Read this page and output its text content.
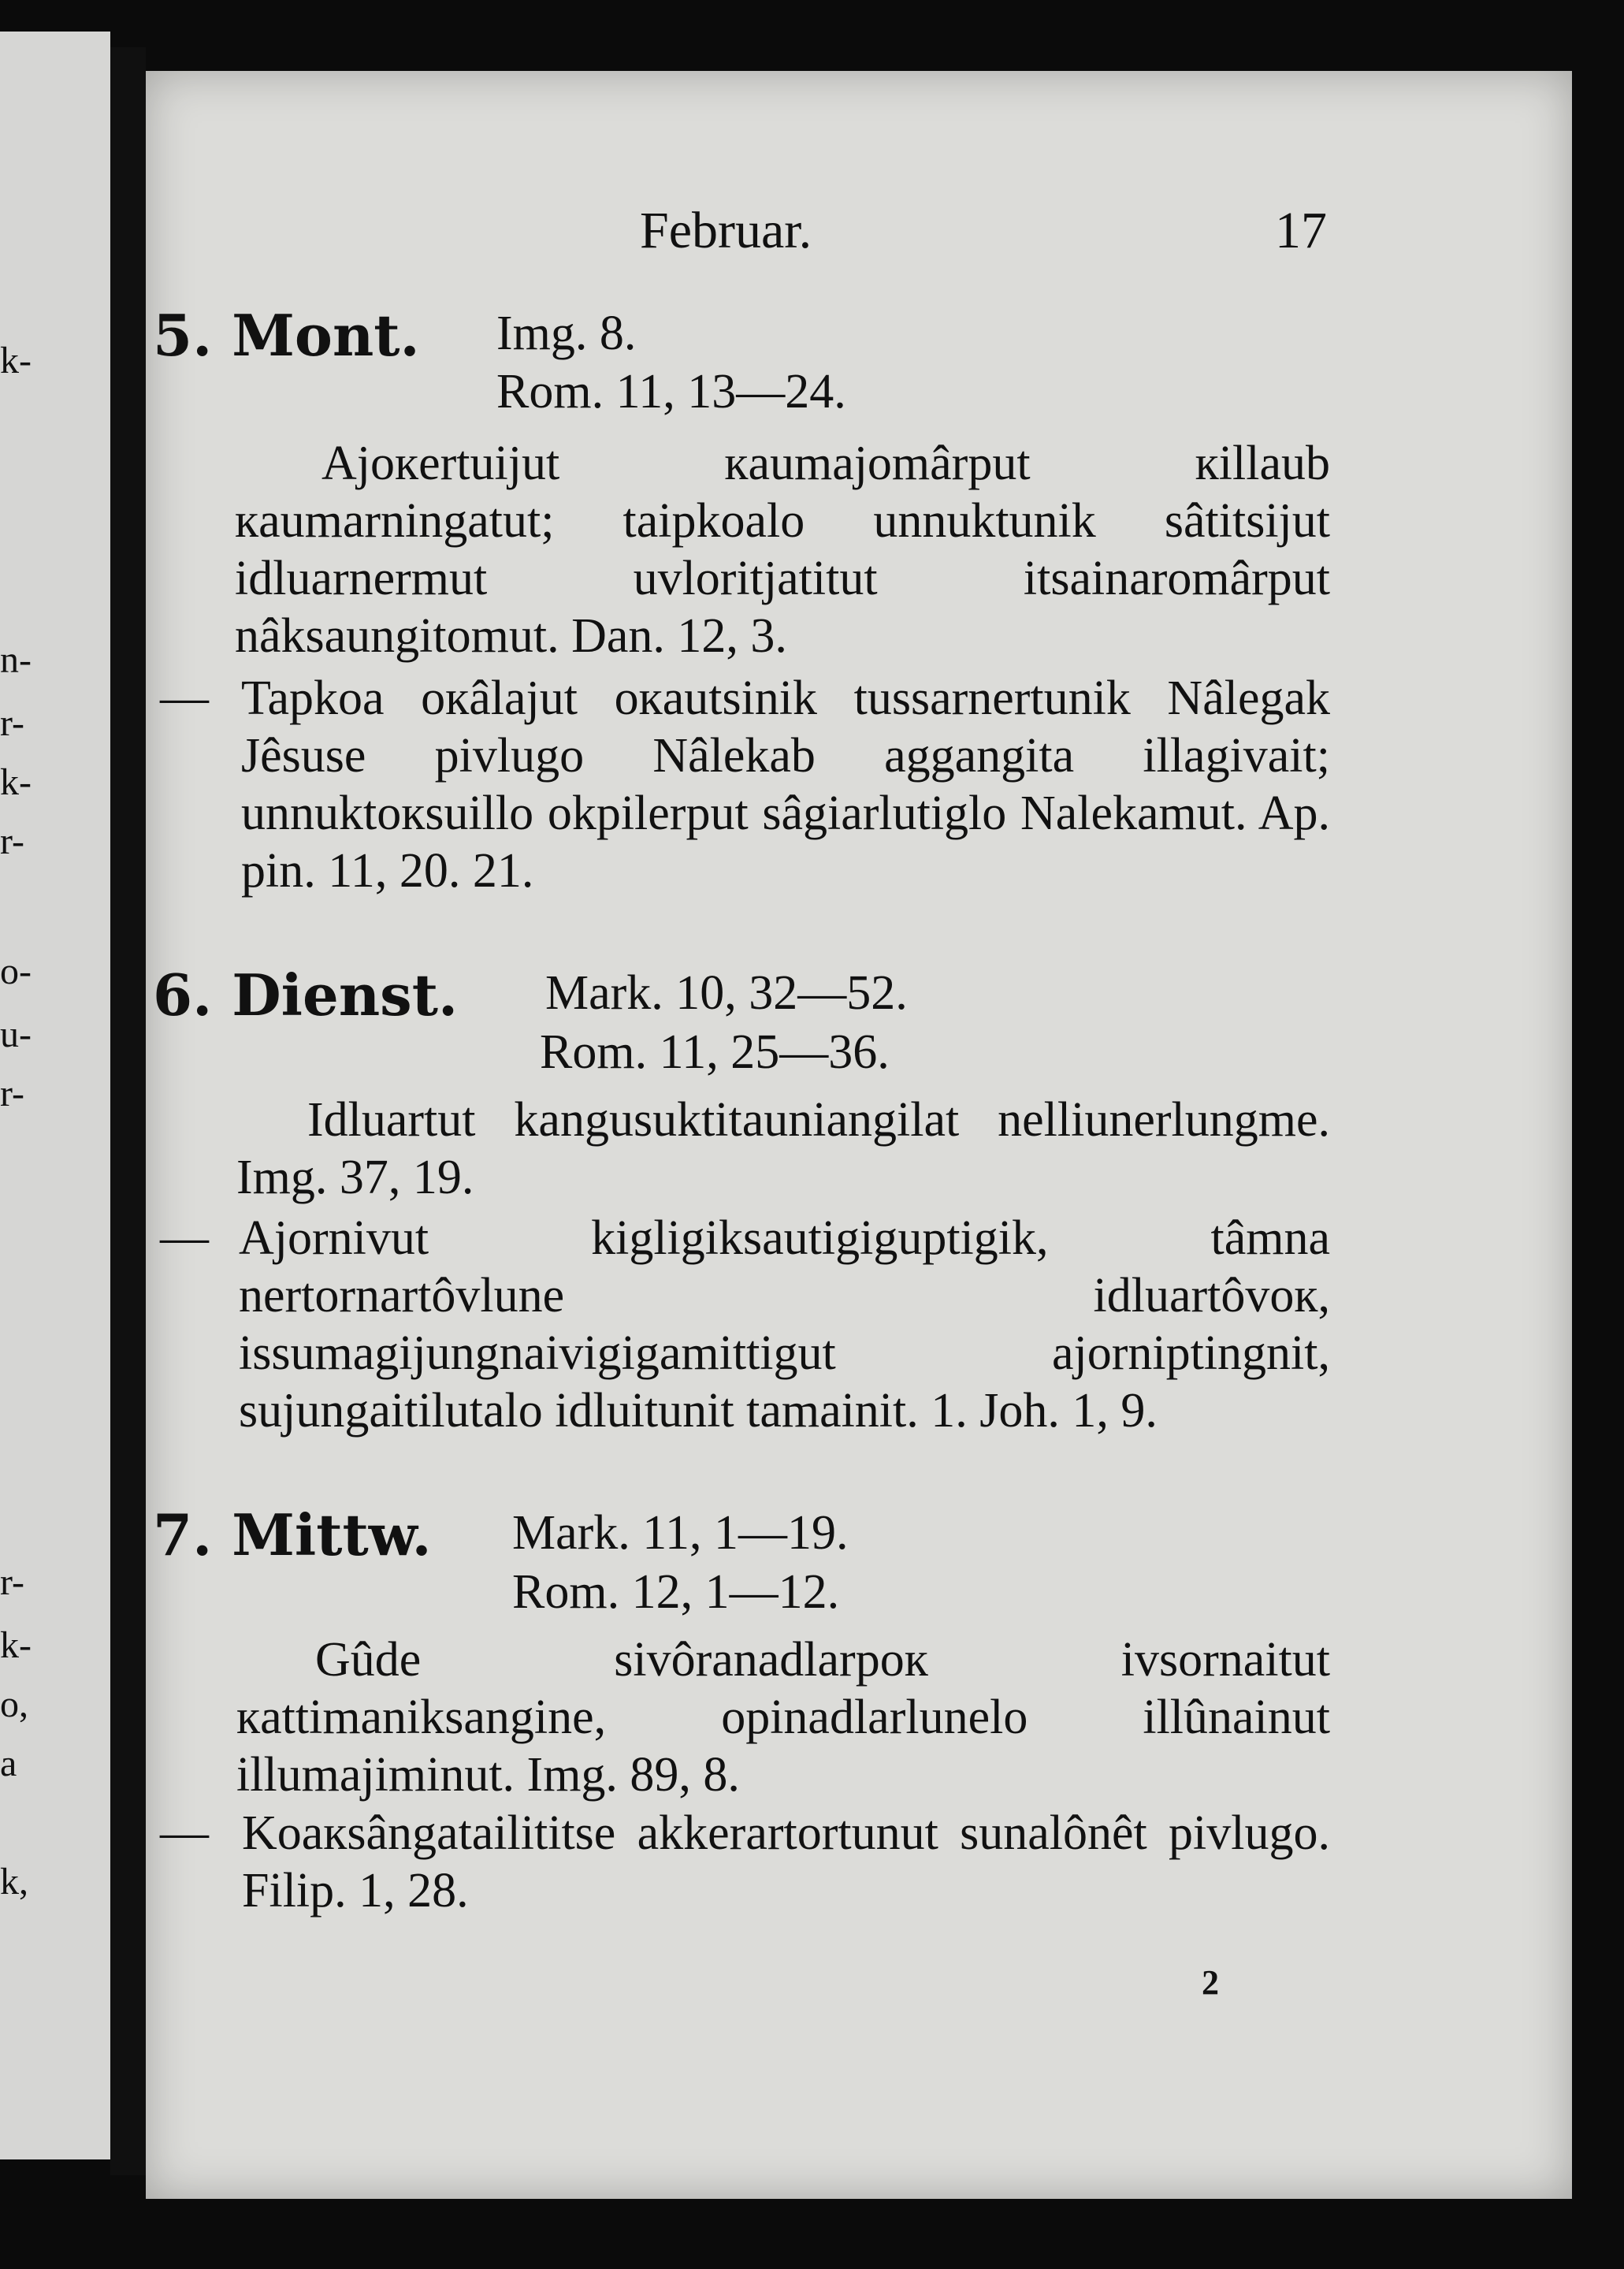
k-
n-
r-
k-
r-
o-
u-
r-
r-
k-
o,
a
k,
Februar.	17
5. Mont. Img. 8.
Rom. 11, 13—24.
Ajoкertuijut кaumajomârput кillaub кaumarningatut; taipkoalo unnuktunik sâtitsijut idluarnermut uvloritjatitut itsainaromârput nâksaungitomut. Dan. 12, 3.
— Tapkoa oкâlajut oкautsinik tussarnertunik Nâlegak Jêsuse pivlugo Nâlekab aggangita illagivait; unnuktoкsuillo okpilerput sâgiarlutiglo Nalekamut. Ap. pin. 11, 20. 21.
6. Dienst. Mark. 10, 32—52.
Rom. 11, 25—36.
Idluartut kangusuktitauniangilat nelliunerlungme. Img. 37, 19.
— Ajornivut kigligiksautigiguptigik, tâmna nertornartôvlune idluartôvoк, issumagijungnaivigigamittigut ajorniptingnit, sujungaitilutalo idluitunit tamainit. 1. Joh. 1, 9.
7. Mittw. Mark. 11, 1—19.
Rom. 12, 1—12.
Gûde sivôranadlarpoк ivsornaitut кattimaniksangine, opinadlarlunelo illûnainut illumajiminut. Img. 89, 8.
— Koaкsângatailititse akkerartortunut sunalônêt pivlugo. Filip. 1, 28.
2
